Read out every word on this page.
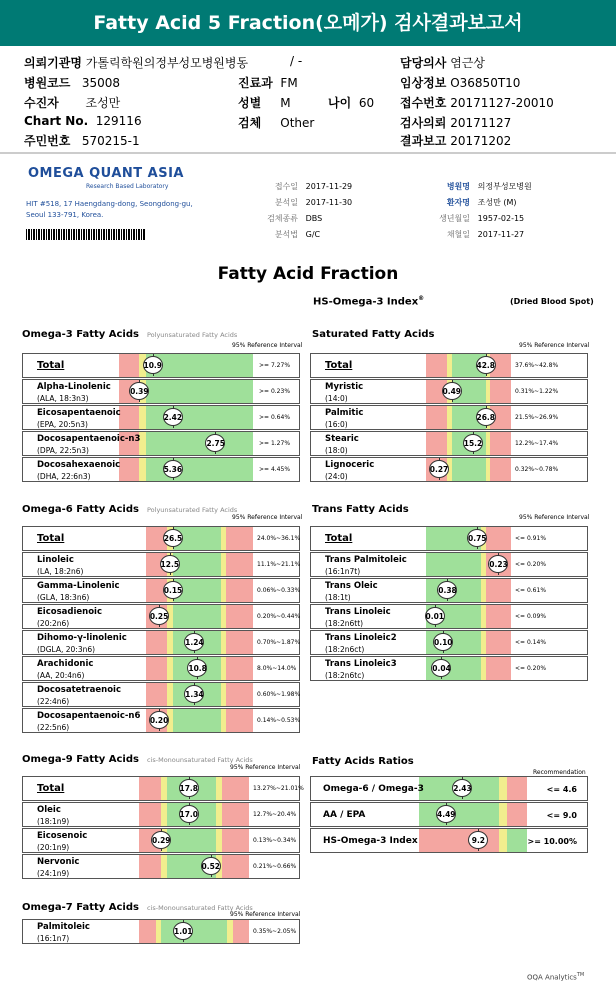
Fatty Acid 5 Fraction(오메가) 검사결과보고서
의뢰기관명 가톨릭학원의정부성모병원병동	/ -
병원코드 35008	진료과 FM
수진자 조성만	성별 M	나이 60
Chart No. 129116	검체 Other
주민번호 570215-1
담당의사 염근상
임상정보 O36850T10
접수번호 20171127-20010
검사의뢰 20171127
결과보고 20171202
OMEGA QUANT ASIA
Research Based Laboratory
HIT #518, 17 Haengdang-dong, Seongdong-gu,
Seoul 133-791, Korea.
접수일 2017-11-29
분석일 2017-11-30
검체종류 DBS
분석법 G/C
병원명 의정부성모병원
환자명 조성만 (M)
생년월일 1957-02-15
채혈일 2017-11-27
Fatty Acid Fraction
HS-Omega-3 Index®	(Dried Blood Spot)
Omega-3 Fatty Acids Polyunsaturated Fatty Acids
95% Reference Interval
Total	10.9	>= 7.27%
Alpha-Linolenic
(ALA, 18:3n3)
0.39	>= 0.23%
Eicosapentaenoic
(EPA, 20:5n3)
2.42	>= 0.64%
Docosapentaenoic-n3
(DPA, 22:5n3)
2.75	>= 1.27%
Docosahexaenoic
(DHA, 22:6n3)
5.36	>= 4.45%
Saturated Fatty Acids
95% Reference Interval
Total	42.8	37.6%~42.8%
Myristic
(14:0)
0.49	0.31%~1.22%
Palmitic
(16:0)
26.8	21.5%~26.9%
Stearic
(18:0)
15.2	12.2%~17.4%
Lignoceric
(24:0)
0.27	0.32%~0.78%
Omega-6 Fatty Acids Polyunsaturated Fatty Acids
95% Reference Interval
Total	26.5	24.0%~36.1%
Linoleic
(LA, 18:2n6)
12.5	11.1%~21.1%
Gamma-Linolenic
(GLA, 18:3n6)
0.15	0.06%~0.33%
Eicosadienoic
(20:2n6)
0.25	0.20%~0.44%
Dihomo-γ-linolenic
(DGLA, 20:3n6)
1.24	0.70%~1.87%
Arachidonic
(AA, 20:4n6)
10.8	8.0%~14.0%
Docosatetraenoic
(22:4n6)
1.34	0.60%~1.98%
Docosapentaenoic-n6
(22:5n6)
0.20	0.14%~0.53%
Trans Fatty Acids
95% Reference Interval
Total	0.75	<= 0.91%
Trans Palmitoleic
(16:1n7t)
0.23 <= 0.20%
Trans Oleic
(18:1t)
0.38	<= 0.61%
Trans Linoleic
(18:2n6tt)
0.01	<= 0.09%
Trans Linoleic2
(18:2n6ct)
0.10	<= 0.14%
Trans Linoleic3
(18:2n6tc)
0.04	<= 0.20%
Omega-9 Fatty Acids cis-Monounsaturated Fatty Acids
95% Reference Interval
Total	17.8	13.27%~21.01%
Oleic
(18:1n9)
17.0	12.7%~20.4%
Eicosenoic
(20:1n9)
0.29	0.13%~0.34%
Nervonic
(24:1n9)
0.52	0.21%~0.66%
Omega-7 Fatty Acids cis-Monounsaturated Fatty Acids
95% Reference Interval
Palmitoleic
(16:1n7)
1.01	0.35%~2.05%
Fatty Acids Ratios
Recommendation
Omega-6 / Omega-3	2.43	<= 4.6
AA / EPA	4.49	<= 9.0
HS-Omega-3 Index	9.2	>= 10.00%
OQA Analytics™
